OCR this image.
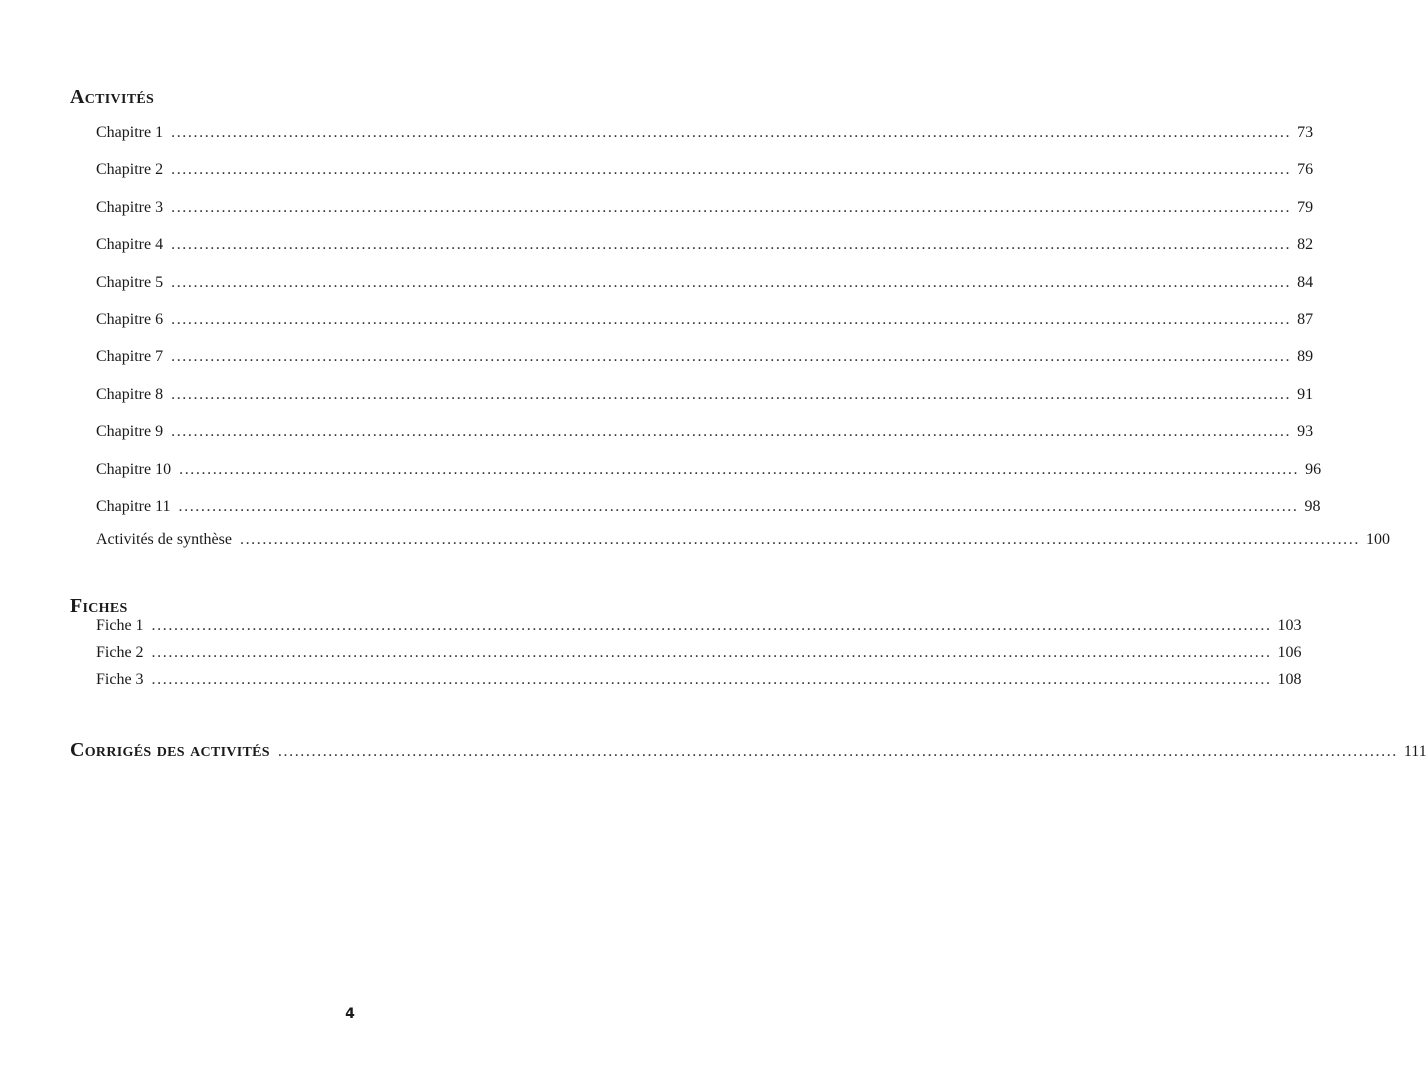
Activités
Chapitre 1 ........................................................................................................................................................................................................ 73
Chapitre 2 ........................................................................................................................................................................................................ 76
Chapitre 3 ........................................................................................................................................................................................................ 79
Chapitre 4 ........................................................................................................................................................................................................ 82
Chapitre 5 ........................................................................................................................................................................................................ 84
Chapitre 6 ........................................................................................................................................................................................................ 87
Chapitre 7 ........................................................................................................................................................................................................ 89
Chapitre 8 ........................................................................................................................................................................................................ 91
Chapitre 9 ........................................................................................................................................................................................................ 93
Chapitre 10 ........................................................................................................................................................................................................ 96
Chapitre 11 ........................................................................................................................................................................................................ 98
Activités de synthèse ........................................................................................................................................................................................................ 100
Fiches
Fiche 1 ........................................................................................................................................................................................................ 103
Fiche 2 ........................................................................................................................................................................................................ 106
Fiche 3 ........................................................................................................................................................................................................ 108
Corrigés des activités ........................................................................................................................................................................................................ 111
4
